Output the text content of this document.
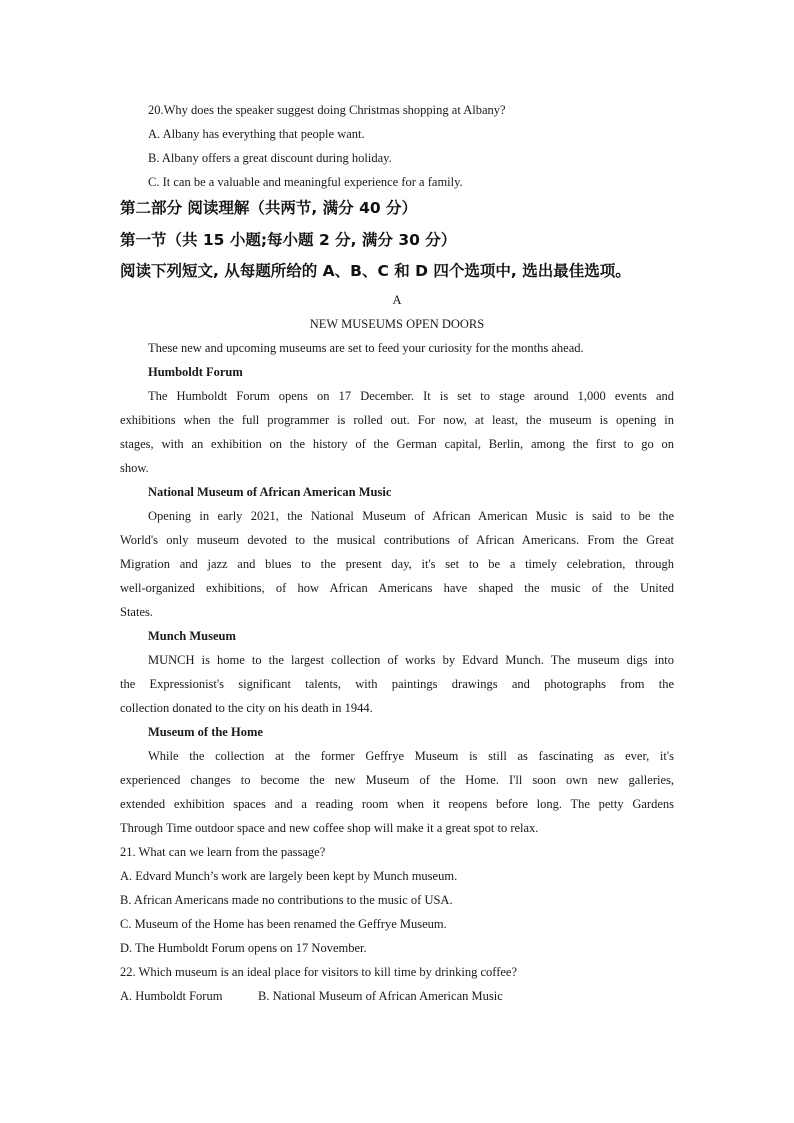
20.Why does the speaker suggest doing Christmas shopping at Albany?
A. Albany has everything that people want.
B. Albany offers a great discount during holiday.
C. It can be a valuable and meaningful experience for a family.
第二部分 阅读理解（共两节, 满分 40 分）
第一节（共 15 小题;每小题 2 分, 满分 30 分）
阅读下列短文, 从每题所给的 A、B、C 和 D 四个选项中, 选出最佳选项。
A
NEW MUSEUMS OPEN DOORS
These new and upcoming museums are set to feed your curiosity for the months ahead.
Humboldt Forum
The Humboldt Forum opens on 17 December. It is set to stage around 1,000 events and
exhibitions when the full programmer is rolled out. For now, at least, the museum is opening in
stages, with an exhibition on the history of the German capital, Berlin, among the first to go on
show.
National Museum of African American Music
Opening in early 2021, the National Museum of African American Music is said to be the
World's only museum devoted to the musical contributions of African Americans. From the Great
Migration and jazz and blues to the present day, it's set to be a timely celebration, through
well-organized exhibitions, of how African Americans have shaped the music of the United
States.
Munch Museum
MUNCH is home to the largest collection of works by Edvard Munch. The museum digs into
the Expressionist's significant talents, with paintings drawings and photographs from the
collection donated to the city on his death in 1944.
Museum of the Home
While the collection at the former Geffrye Museum is still as fascinating as ever, it's
experienced changes to become the new Museum of the Home. I'll soon own new galleries,
extended exhibition spaces and a reading room when it reopens before long. The petty Gardens
Through Time outdoor space and new coffee shop will make it a great spot to relax.
21. What can we learn from the passage?
A. Edvard Munch’s work are largely been kept by Munch museum.
B. African Americans made no contributions to the music of USA.
C. Museum of the Home has been renamed the Geffrye Museum.
D. The Humboldt Forum opens on 17 November.
22. Which museum is an ideal place for visitors to kill time by drinking coffee?
A. Humboldt Forum	B. National Museum of African American Music
